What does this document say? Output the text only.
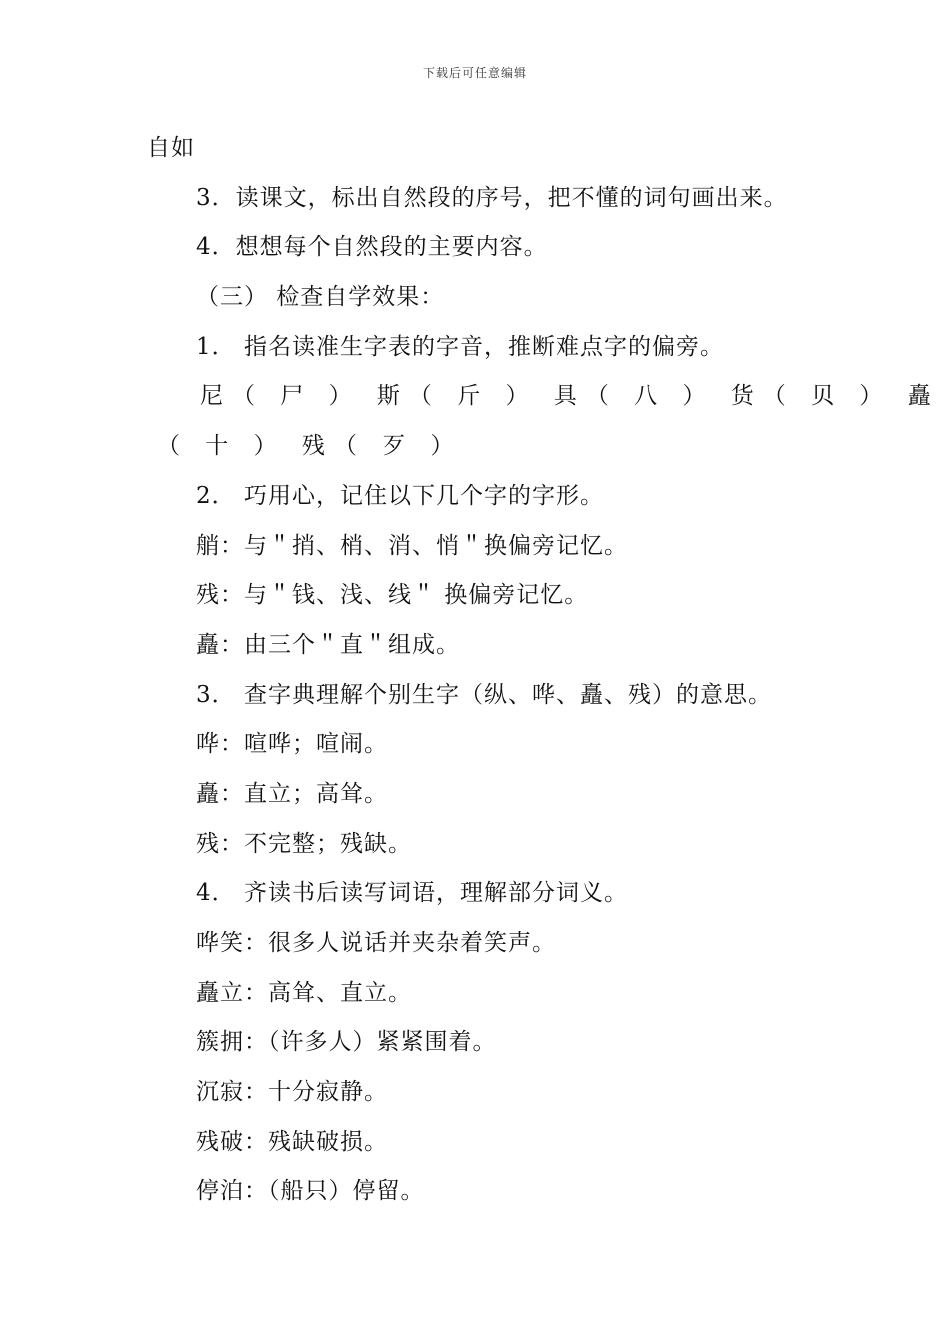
下载后可任意编辑
自如
3．读课文，标出自然段的序号，把不懂的词句画出来。
4．想想每个自然段的主要内容。
（三） 检查自学效果：
1． 指名读准生字表的字音，推断难点字的偏旁。
尼（ 尸 ） 斯（ 斤 ） 具（ 八 ） 货（ 贝 ） 矗
（ 十 ） 残（ 歹 ）
2． 巧用心，记住以下几个字的字形。
艄：与＂捎、梢、消、悄＂换偏旁记忆。
残：与＂钱、浅、线＂ 换偏旁记忆。
矗：由三个＂直＂组成。
3． 查字典理解个别生字（纵、哗、矗、残）的意思。
哗：喧哗；喧闹。
矗：直立；高耸。
残：不完整；残缺。
4． 齐读书后读写词语，理解部分词义。
哗笑：很多人说话并夹杂着笑声。
矗立：高耸、直立。
簇拥：（许多人）紧紧围着。
沉寂：十分寂静。
残破：残缺破损。
停泊：（船只）停留。
